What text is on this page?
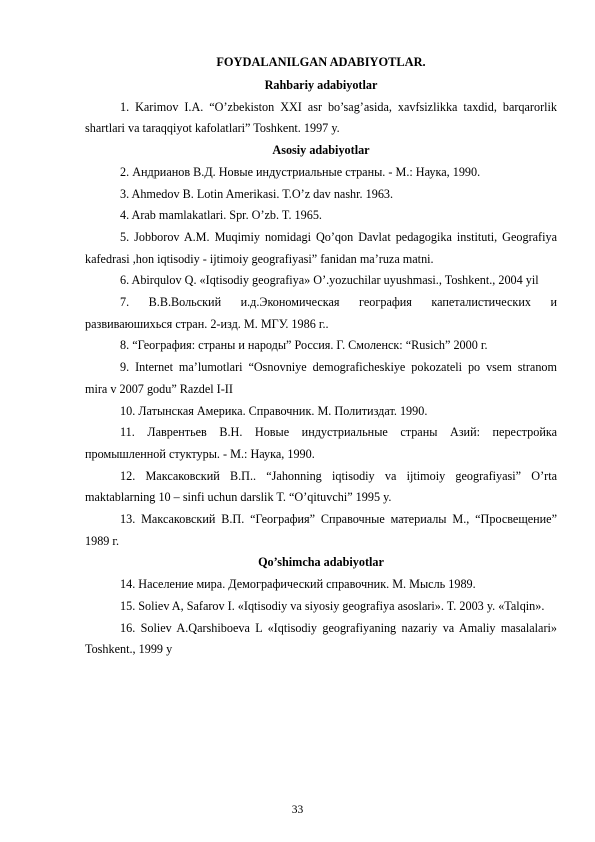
FOYDALANILGAN ADABIYOTLAR.

Rahbariy adabiyotlar

1. Karimov I.A. “O’zbekiston XXI asr bo’sag’asida, xavfsizlikka taxdid, barqarorlik shartlari va taraqqiyot kafolatlari” Toshkent. 1997 y.

Asosiy adabiyotlar

2. Андрианов В.Д. Новые индустриальные страны. - М.: Наука, 1990.

3. Ahmedov B. Lotin Amerikasi. T.O’z dav nashr. 1963.

4. Arab mamlakatlari. Spr. O’zb. T. 1965.

5. Jobborov A.M. Muqimiy nomidagi Qo’qon Davlat pedagogika instituti, Geografiya kafedrasi ,hon iqtisodiy - ijtimoiy geografiyasi” fanidan ma’ruza matni.

6. Abirqulov Q. «Iqtisodiy geografiya» O’.yozuchilar uyushmasi., Toshkent., 2004 yil

7. В.В.Вольский и.д.Экономическая география капеталистических и развиваюшихься стран. 2-изд. М. МГУ. 1986 г..

8. “География: страны и народы” Россия. Г. Смоленск: “Rusich” 2000 г.

9. Internet ma’lumotlari “Osnovniye demograficheskiye pokozateli po vsem stranom mira v 2007 godu” Razdel I-II

10. Латынская Америка. Справочник. М. Политиздат. 1990.

11. Лаврентьев В.Н. Новые индустриальные страны Азий: перестройка промышленной стуктуры. - М.: Наука, 1990.

12. Максаковский В.П.. “Jahonning iqtisodiy va ijtimoiy geografiyasi” O’rta maktablarning 10 – sinfi uchun darslik T. “O’qituvchi” 1995 y.

13. Максаковский В.П. “География” Справочные материалы М., “Просвещение” 1989 г.

Qo’shimcha adabiyotlar

14. Население мира. Демографический справочник. М. Мысль 1989.

15. Soliev A, Safarov I. «Iqtisodiy va siyosiy geografiya asoslari». T. 2003 y. «Talqin».

16. Soliev A.Qarshiboeva L «Iqtisodiy geografiyaning nazariy va Amaliy masalalari» Toshkent., 1999 y

33
